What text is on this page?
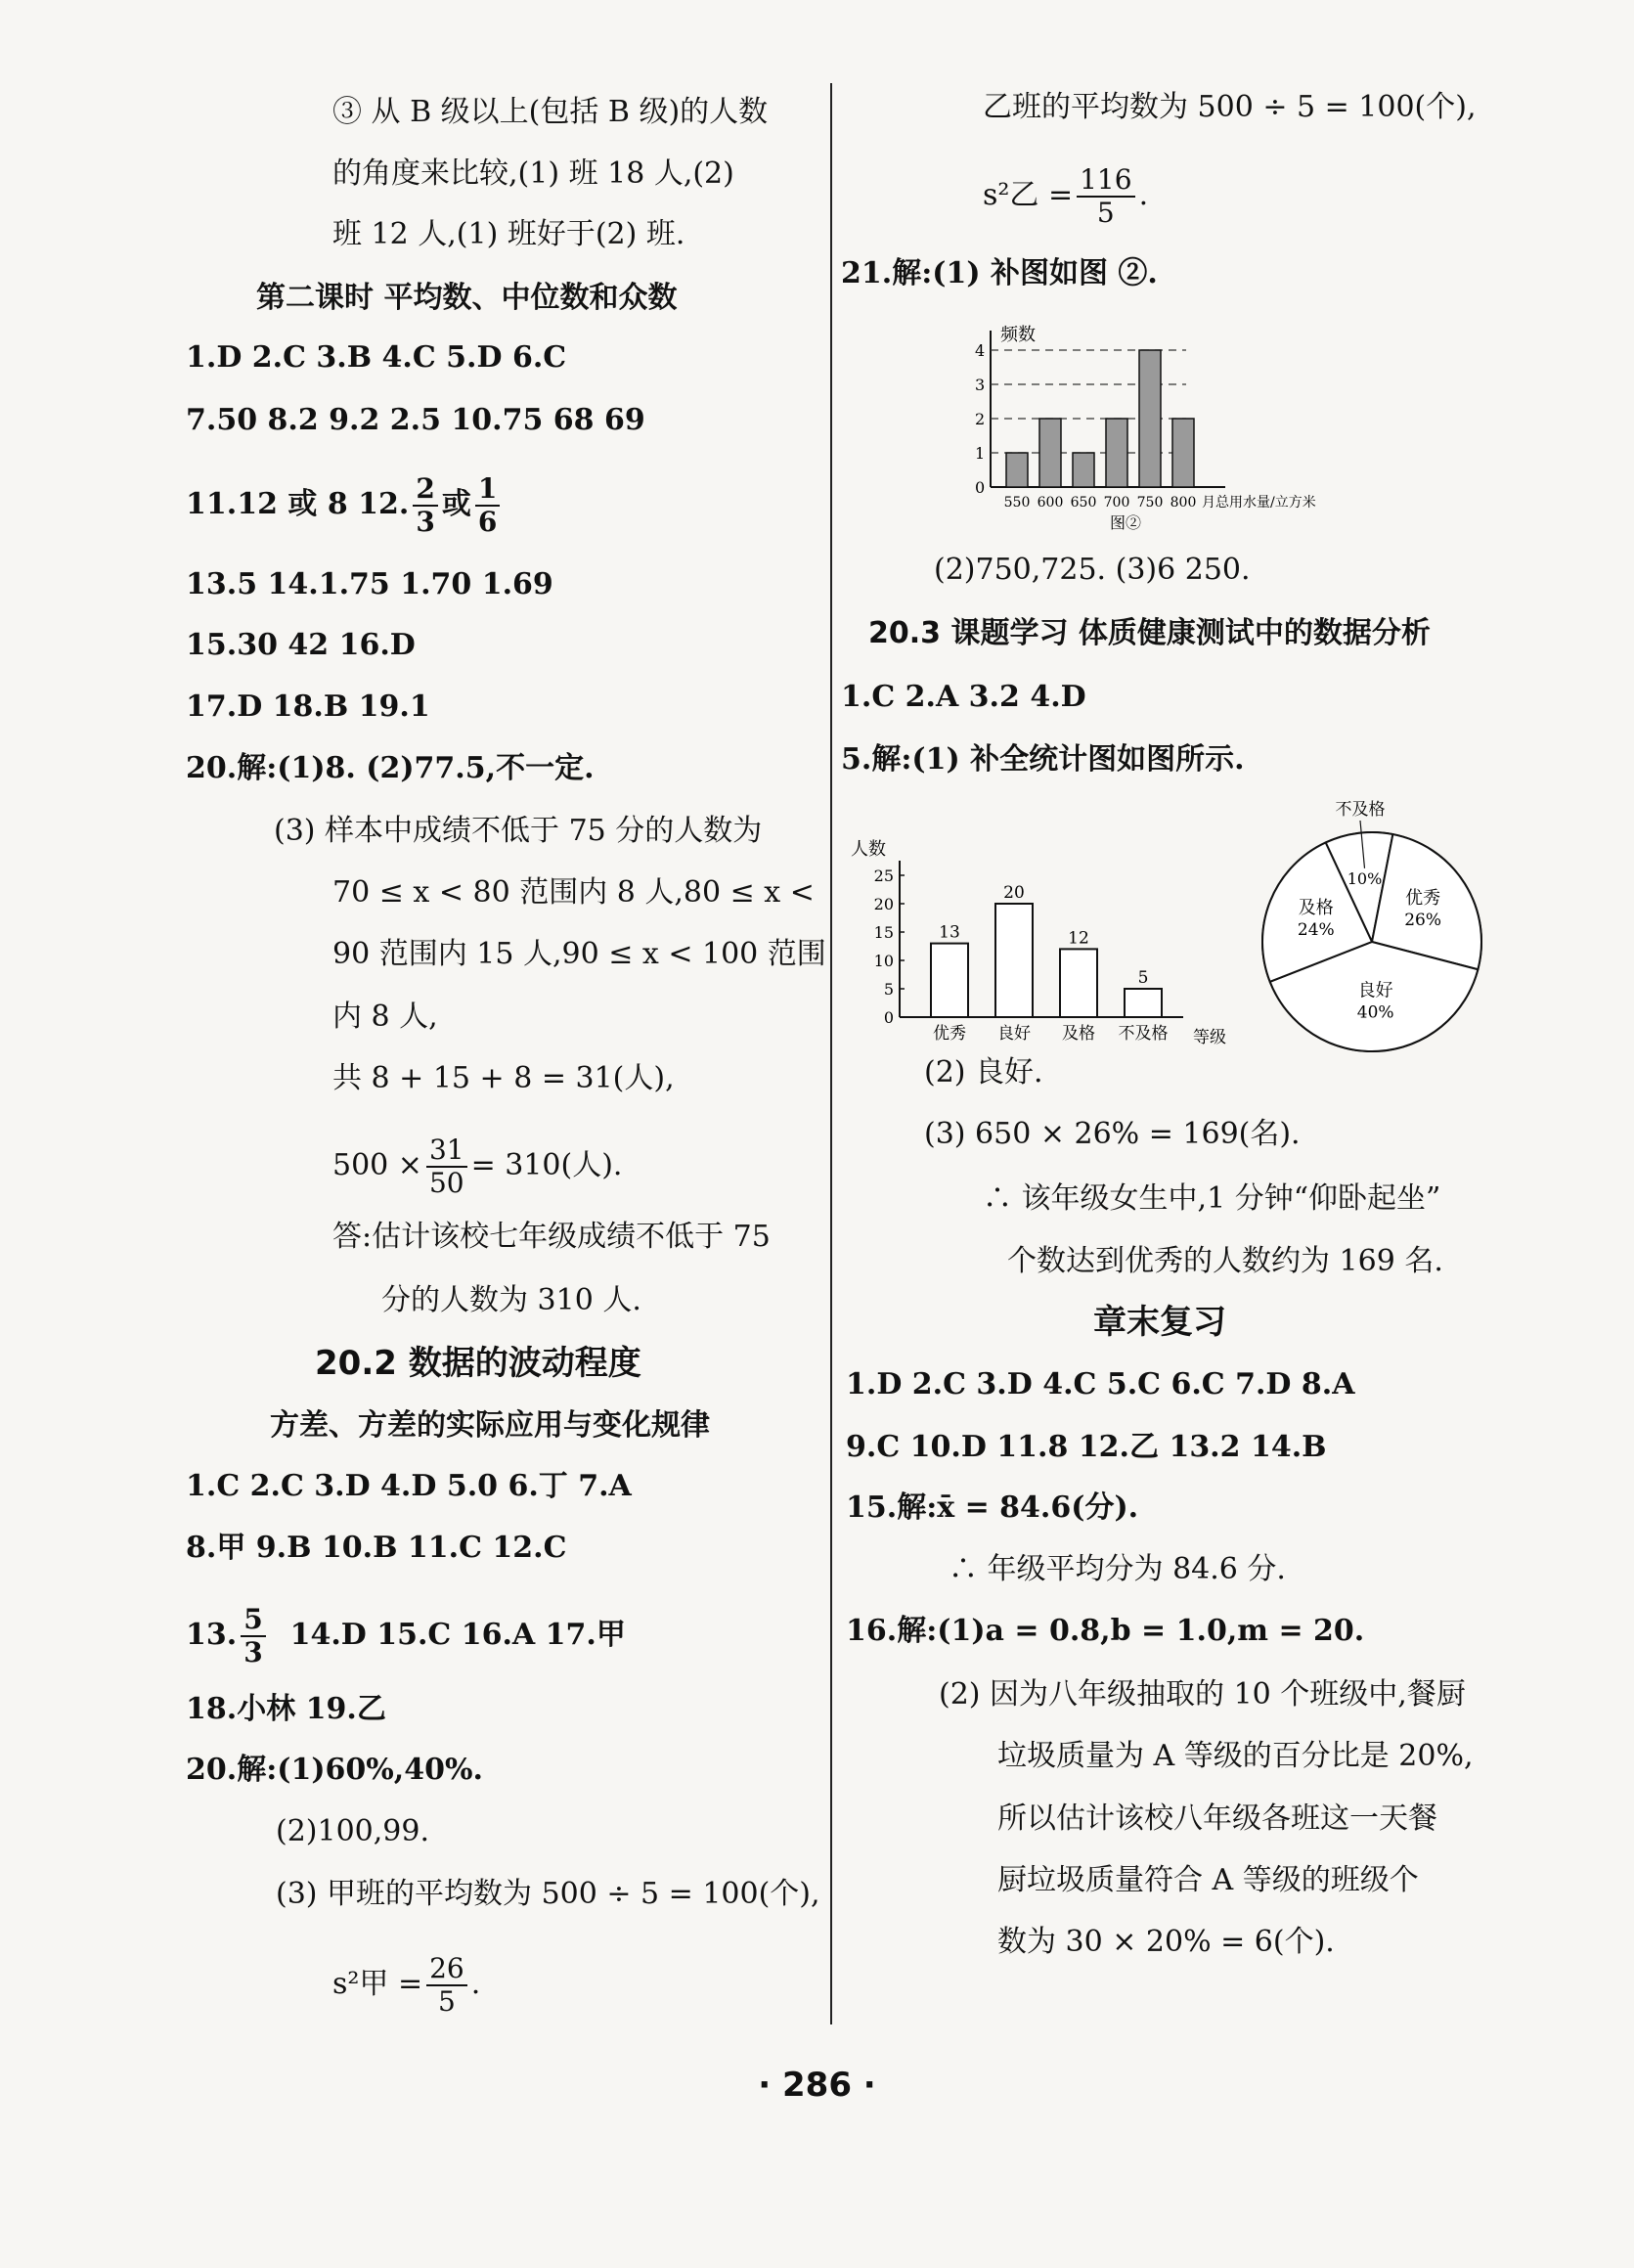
③ 从 B 级以上(包括 B 级)的人数
的角度来比较,(1) 班 18 人,(2)
班 12 人,(1) 班好于(2) 班.
第二课时 平均数、中位数和众数
1.D 2.C 3.B 4.C 5.D 6.C
7.50 8.2 9.2 2.5 10.75 68 69
11.12 或 8 12. $\frac{2}{3}$ 或 $\frac{1}{6}$
13.5 14.1.75 1.70 1.69
15.30 42 16.D
17.D 18.B 19.1
20.解:(1)8. (2)77.5,不一定.
(3) 样本中成绩不低于 75 分的人数为
70 ≤ x < 80 范围内 8 人,80 ≤ x <
90 范围内 15 人,90 ≤ x < 100 范围
内 8 人,
共 8 + 15 + 8 = 31(人),
$500 \times \frac{31}{50} = 310$(人).
答:估计该校七年级成绩不低于 75
分的人数为 310 人.
20.2 数据的波动程度
方差、方差的实际应用与变化规律
1.C 2.C 3.D 4.D 5.0 6.丁 7.A
8.甲 9.B 10.B 11.C 12.C
13. $\frac{5}{3} 14.D$ 15.C 16.A 17.甲
18.小林 19.乙
20.解:(1)60%,40%.
(2)100,99.
(3) 甲班的平均数为 500 ÷ 5 = 100(个),
s²甲 = $\frac{26}{5}$ .
乙班的平均数为 500 ÷ 5 = 100(个),
s²乙 = $\frac{116}{5}$ .
21.解:(1) 补图如图 ②.
频数
0
1
2
3
4
550 600 650 700 750 800 月总用水量/立方米
图②
(2)750,725. (3)6 250.
20.3 课题学习 体质健康测试中的数据分析
1.C 2.A 3.2 4.D
5.解:(1) 补全统计图如图所示.
人数
0
5
10
15
20
25
13
优秀
20
良好
12
及格
5
不及格 等级
优秀
26%
良好
40%
及格
24%
不及格
10%
(2) 良好.
(3) 650 × 26% = 169(名).
∴ 该年级女生中,1 分钟“仰卧起坐”
个数达到优秀的人数约为 169 名.
章末复习
1.D 2.C 3.D 4.C 5.C 6.C 7.D 8.A
9.C 10.D 11.8 12.乙 13.2 14.B
15.解:x̄ = 84.6(分).
∴ 年级平均分为 84.6 分.
16.解:(1)a = 0.8,b = 1.0,m = 20.
(2) 因为八年级抽取的 10 个班级中,餐厨
垃圾质量为 A 等级的百分比是 20%,
所以估计该校八年级各班这一天餐
厨垃圾质量符合 A 等级的班级个
数为 30 × 20% = 6(个).
· 286 ·
